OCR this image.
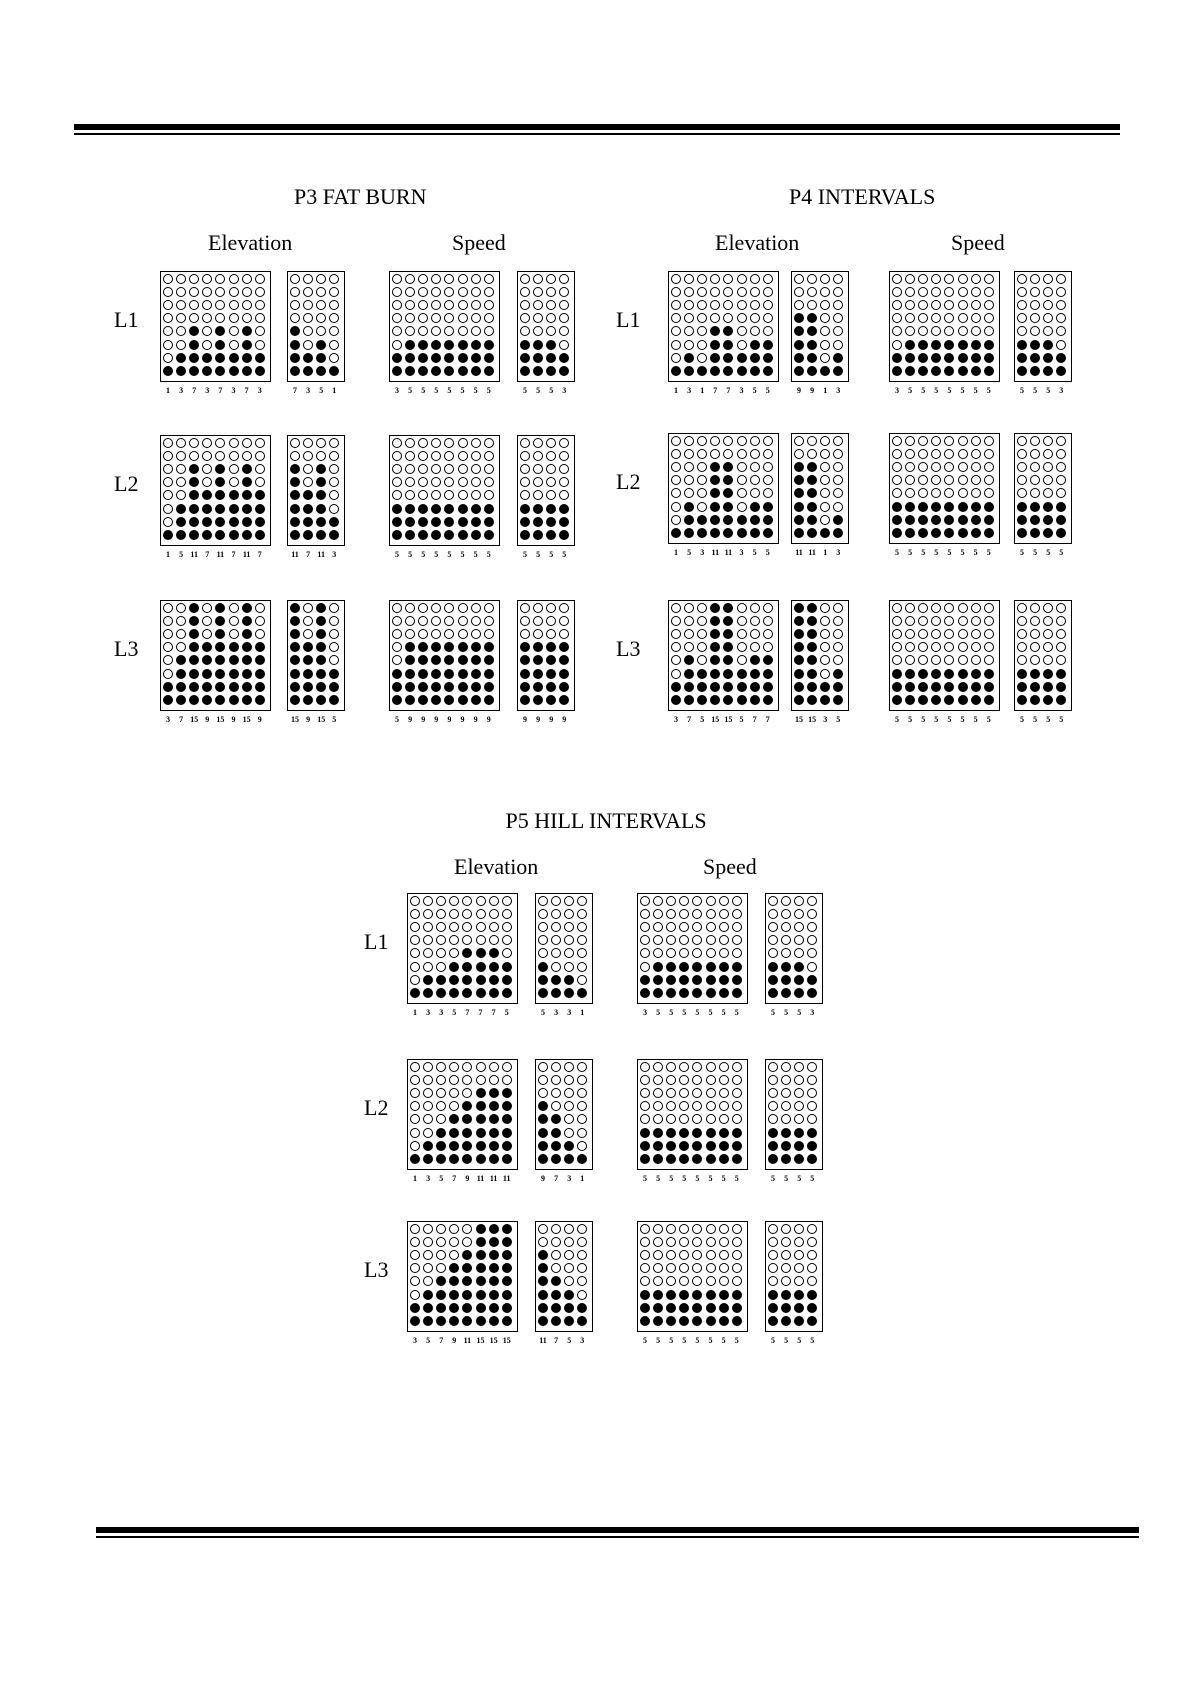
P3 FAT BURN
Elevation	Speed
L1
1	3	7	3	7	3	7	3	7	3	5	1	3	5	5	5	5	5	5	5	5	5	5	3
L2
1	5 11 7 11 7 11 7	11 7 11 3	5	5	5	5	5	5	5	5	5	5	5	5
L3
3	7 15 9 15 9 15 9	15 9 15 5	5	9	9	9	9	9	9	9	9	9	9	9
P4 INTERVALS
Elevation	Speed
L1
1	3	1	7	7	3	5	5	9	9	1	3	3	5	5	5	5	5	5	5	5	5	5	3
L2
1	5	3 11 11 3	5	5	11 11 1	3	5	5	5	5	5	5	5	5	5	5	5	5
L3
3	7	5 15 15 5	7	7	15 15 3	5	5	5	5	5	5	5	5	5	5	5	5	5
P5 HILL INTERVALS
Elevation	Speed
L1
1	3	3	5	7	7	7	5	5	3	3	1	3	5	5	5	5	5	5	5	5	5	5	3
L2
1	3	5	7	9 11 11 11	9	7	3	1	5	5	5	5	5	5	5	5	5	5	5	5
L3
3	5	7	9 11 15 15 15	11 7	5	3	5	5	5	5	5	5	5	5	5	5	5	5
